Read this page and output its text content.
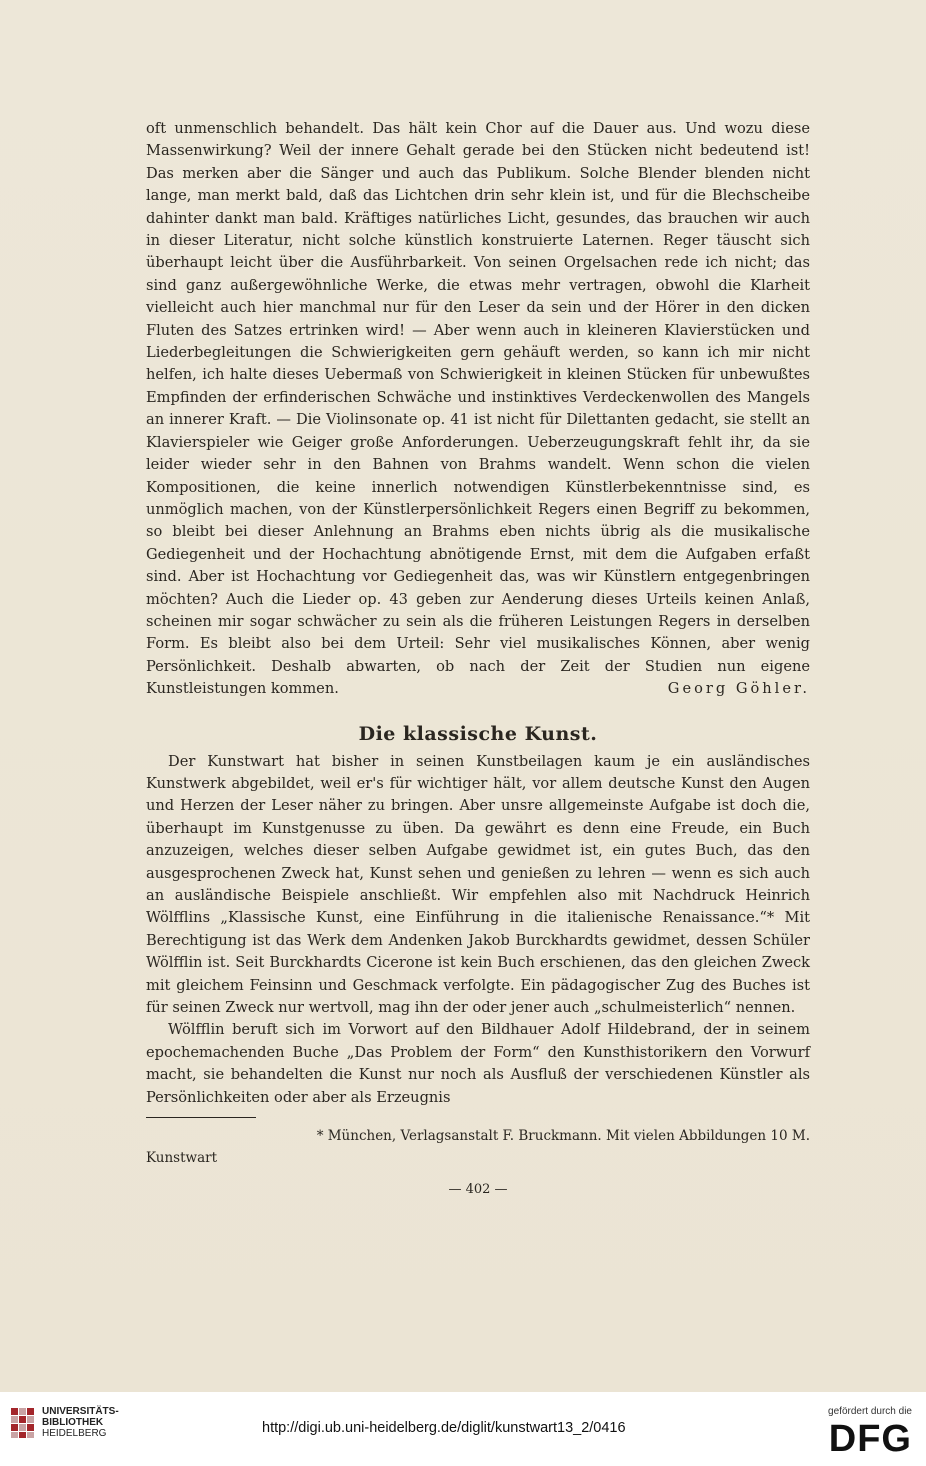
oft unmenschlich behandelt. Das hält kein Chor auf die Dauer aus. Und wozu diese Massenwirkung? Weil der innere Gehalt gerade bei den Stücken nicht bedeutend ist! Das merken aber die Sänger und auch das Publikum. Solche Blender blenden nicht lange, man merkt bald, daß das Lichtchen drin sehr klein ist, und für die Blechscheibe dahinter dankt man bald. Kräftiges natürliches Licht, gesundes, das brauchen wir auch in dieser Literatur, nicht solche künstlich konstruierte Laternen. Reger täuscht sich überhaupt leicht über die Ausführbarkeit. Von seinen Orgelsachen rede ich nicht; das sind ganz außergewöhnliche Werke, die etwas mehr vertragen, obwohl die Klarheit vielleicht auch hier manchmal nur für den Leser da sein und der Hörer in den dicken Fluten des Satzes ertrinken wird! — Aber wenn auch in kleineren Klavierstücken und Liederbegleitungen die Schwierigkeiten gern gehäuft werden, so kann ich mir nicht helfen, ich halte dieses Uebermaß von Schwierigkeit in kleinen Stücken für unbewußtes Empfinden der erfinderischen Schwäche und instinktives Verdeckenwollen des Mangels an innerer Kraft. — Die Violinsonate op. 41 ist nicht für Dilettanten gedacht, sie stellt an Klavierspieler wie Geiger große Anforderungen. Ueberzeugungskraft fehlt ihr, da sie leider wieder sehr in den Bahnen von Brahms wandelt. Wenn schon die vielen Kompositionen, die keine innerlich notwendigen Künstlerbekenntnisse sind, es unmöglich machen, von der Künstlerpersönlichkeit Regers einen Begriff zu bekommen, so bleibt bei dieser Anlehnung an Brahms eben nichts übrig als die musikalische Gediegenheit und der Hochachtung abnötigende Ernst, mit dem die Aufgaben erfaßt sind. Aber ist Hochachtung vor Gediegenheit das, was wir Künstlern entgegenbringen möchten? Auch die Lieder op. 43 geben zur Aenderung dieses Urteils keinen Anlaß, scheinen mir sogar schwächer zu sein als die früheren Leistungen Regers in derselben Form. Es bleibt also bei dem Urteil: Sehr viel musikalisches Können, aber wenig Persönlichkeit. Deshalb abwarten, ob nach der Zeit der Studien nun eigene Kunstleistungen kommen.	Georg Göhler.

Die klassische Kunst.

Der Kunstwart hat bisher in seinen Kunstbeilagen kaum je ein ausländisches Kunstwerk abgebildet, weil er's für wichtiger hält, vor allem deutsche Kunst den Augen und Herzen der Leser näher zu bringen. Aber unsre allgemeinste Aufgabe ist doch die, überhaupt im Kunstgenusse zu üben. Da gewährt es denn eine Freude, ein Buch anzuzeigen, welches dieser selben Aufgabe gewidmet ist, ein gutes Buch, das den ausgesprochenen Zweck hat, Kunst sehen und genießen zu lehren — wenn es sich auch an ausländische Beispiele anschließt. Wir empfehlen also mit Nachdruck Heinrich Wölfflins „Klassische Kunst, eine Einführung in die italienische Renaissance.“* Mit Berechtigung ist das Werk dem Andenken Jakob Burckhardts gewidmet, dessen Schüler Wölfflin ist. Seit Burckhardts Cicerone ist kein Buch erschienen, das den gleichen Zweck mit gleichem Feinsinn und Geschmack verfolgte. Ein pädagogischer Zug des Buches ist für seinen Zweck nur wertvoll, mag ihn der oder jener auch „schulmeisterlich“ nennen.

Wölfflin beruft sich im Vorwort auf den Bildhauer Adolf Hildebrand, der in seinem epochemachenden Buche „Das Problem der Form“ den Kunsthistorikern den Vorwurf macht, sie behandelten die Kunst nur noch als Ausfluß der verschiedenen Künstler als Persönlichkeiten oder aber als Erzeugnis

* München, Verlagsanstalt F. Bruckmann. Mit vielen Abbildungen 10 M.

Kunstwart

— 402 —
UNIVERSITÄTS-
BIBLIOTHEK
HEIDELBERG	http://digi.ub.uni-heidelberg.de/diglit/kunstwart13_2/0416
gefördert durch die
DFG
